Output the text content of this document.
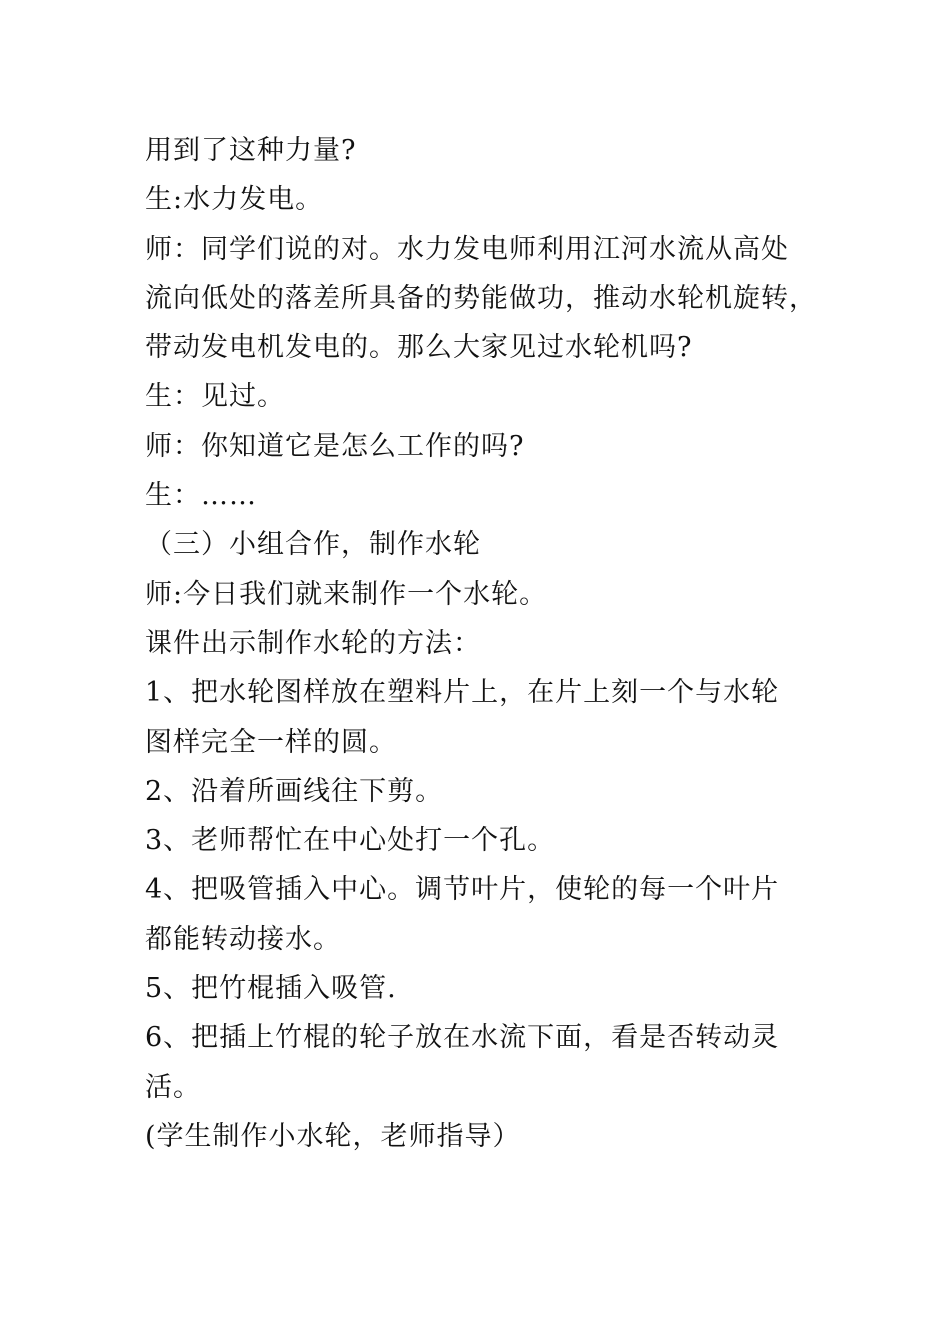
用到了这种力量?
生:水力发电。
师：同学们说的对。水力发电师利用江河水流从高处
流向低处的落差所具备的势能做功，推动水轮机旋转，
带动发电机发电的。那么大家见过水轮机吗?
生：见过。
师：你知道它是怎么工作的吗?
生：……
（三）小组合作，制作水轮
师:今日我们就来制作一个水轮。
课件出示制作水轮的方法：
1、把水轮图样放在塑料片上，在片上刻一个与水轮
图样完全一样的圆。
2、沿着所画线往下剪。
3、老师帮忙在中心处打一个孔。
4、把吸管插入中心。调节叶片，使轮的每一个叶片
都能转动接水。
5、把竹棍插入吸管.
6、把插上竹棍的轮子放在水流下面，看是否转动灵
活。
(学生制作小水轮，老师指导）
